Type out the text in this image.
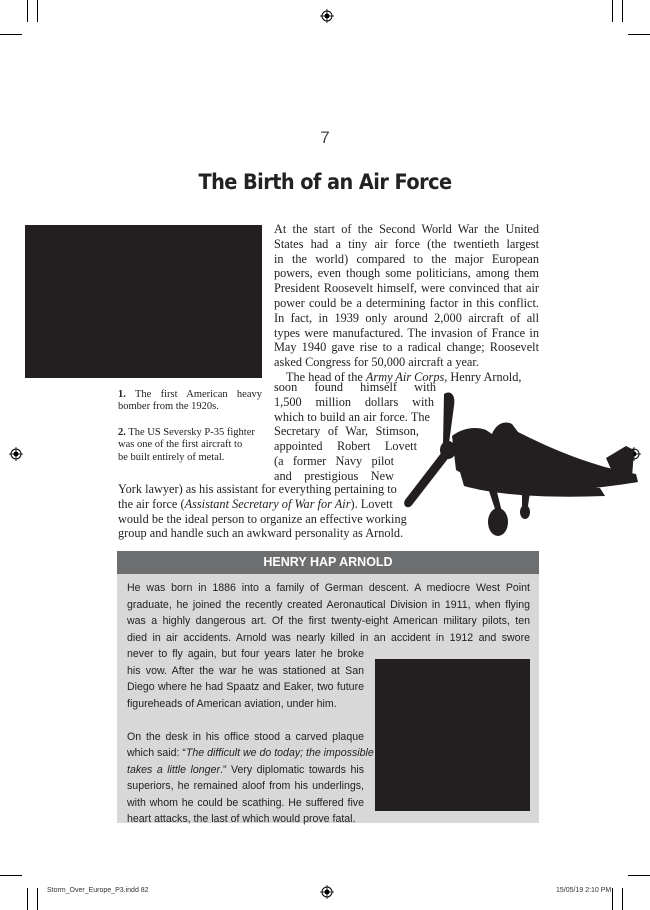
7
The Birth of an Air Force
At the start of the Second World War the United
States had a tiny air force (the twentieth largest
in the world) compared to the major European
powers, even though some politicians, among them
President Roosevelt himself, were convinced that air
power could be a determining factor in this conflict.
In fact, in 1939 only around 2,000 aircraft of all
types were manufactured. The invasion of France in
May 1940 gave rise to a radical change; Roosevelt
asked Congress for 50,000 aircraft a year.
The head of the Army Air Corps, Henry Arnold,
soon found himself with
1,500 million dollars with
which to build an air force. The
Secretary of War, Stimson,
appointed Robert Lovett
(a former Navy pilot
and prestigious New
York lawyer) as his assistant for everything pertaining to
the air force (Assistant Secretary of War for Air). Lovett
would be the ideal person to organize an effective working
group and handle such an awkward personality as Arnold.
1. The first American heavy
bomber from the 1920s.
2. The US Seversky P-35 fighter
was one of the first aircraft to
be built entirely of metal.
HENRY HAP ARNOLD
He was born in 1886 into a family of German descent. A mediocre West Point
graduate, he joined the recently created Aeronautical Division in 1911, when flying
was a highly dangerous art. Of the first twenty-eight American military pilots, ten
died in air accidents. Arnold was nearly killed in an accident in 1912 and swore
never to fly again, but four years later he broke
his vow. After the war he was stationed at San
Diego where he had Spaatz and Eaker, two future
figureheads of American aviation, under him.

On the desk in his office stood a carved plaque
which said: “The difficult we do today; the impossible
takes a little longer.” Very diplomatic towards his
superiors, he remained aloof from his underlings,
with whom he could be scathing. He suffered five
heart attacks, the last of which would prove fatal.
Storm_Over_Europe_P3.indd 82	15/05/19 2:10 PM
